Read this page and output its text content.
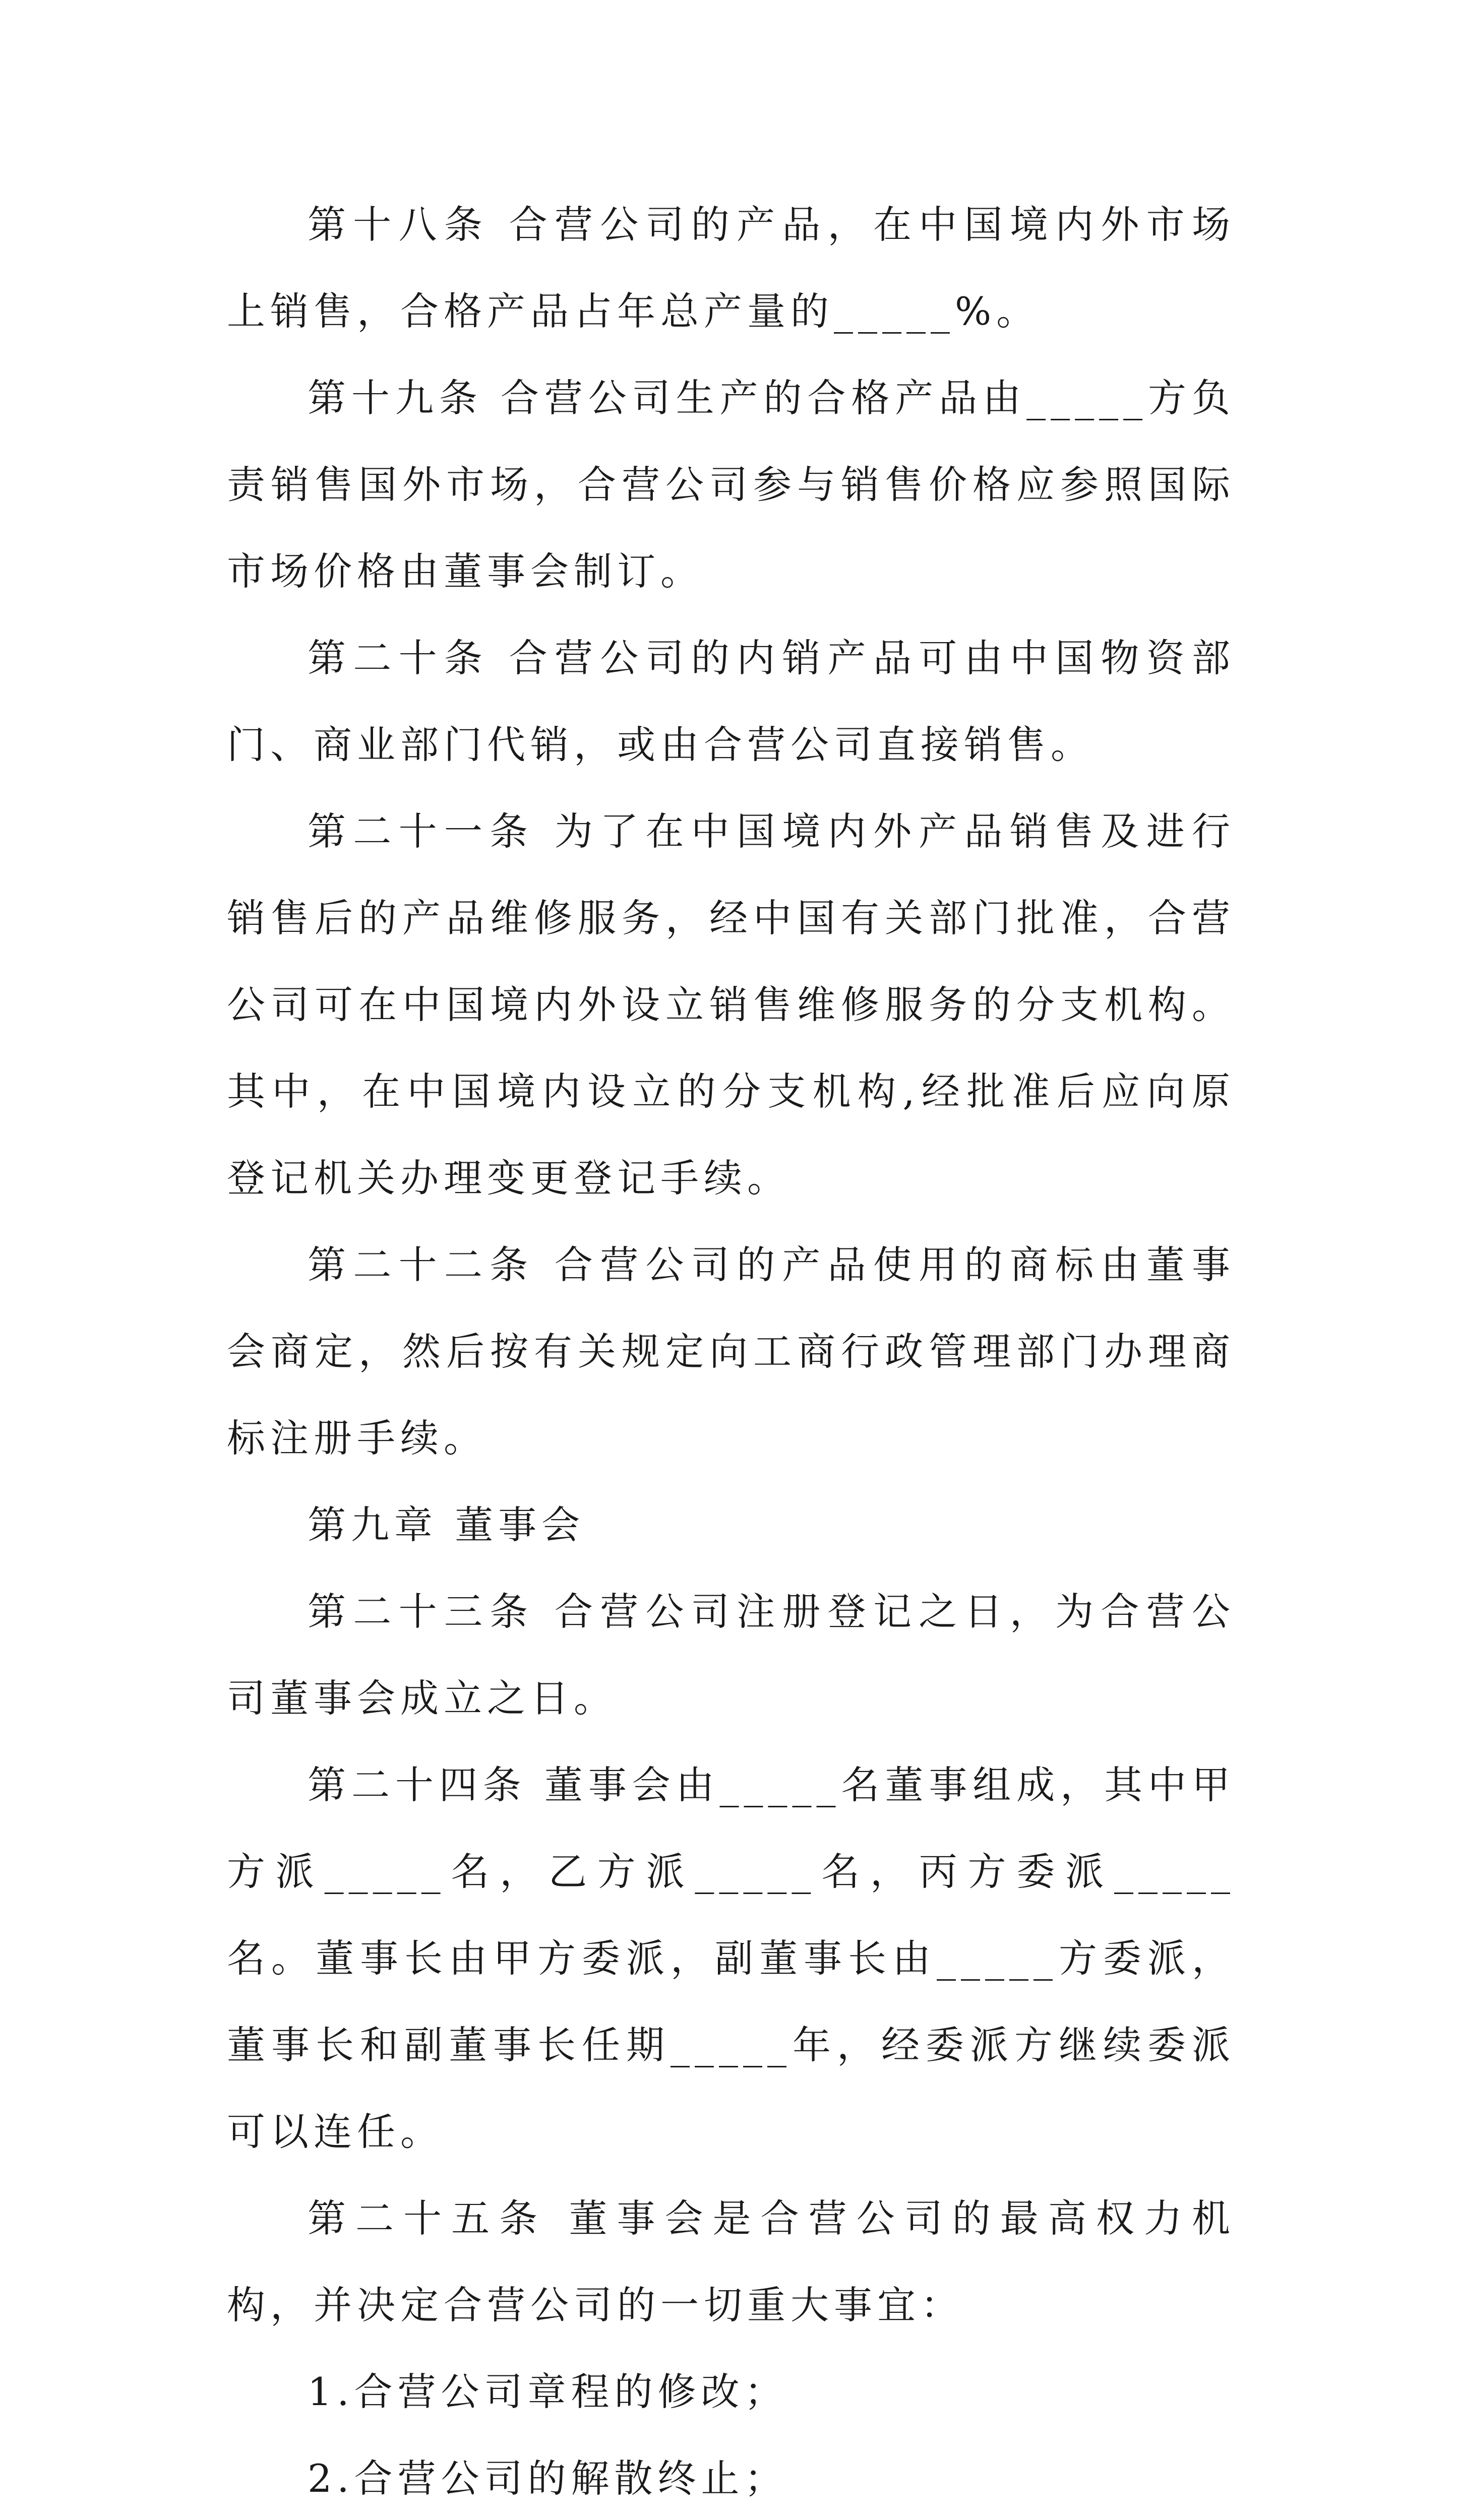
第十八条 合营公司的产品，在中国境内外市场上销售，合格产品占年总产量的_____%。

第十九条 合营公司生产的合格产品由_____方负责销售国外市场，合营公司参与销售价格应参照国际市场价格由董事会制订。

第二十条 合营公司的内销产品可由中国物资部门、商业部门代销，或由合营公司直接销售。

第二十一条 为了在中国境内外产品销售及进行销售后的产品维修服务，经中国有关部门批准，合营公司可在中国境内外设立销售维修服务的分支机构。其中，在中国境内设立的分支机构,经批准后应向原登记机关办理变更登记手续。

第二十二条 合营公司的产品使用的商标由董事会商定，然后按有关规定向工商行政管理部门办理商标注册手续。

第九章 董事会

第二十三条 合营公司注册登记之日，为合营公司董事会成立之日。

第二十四条 董事会由_____名董事组成，其中甲方派_____名，乙方派_____名，丙方委派_____名。董事长由甲方委派，副董事长由_____方委派，董事长和副董事长任期_____年，经委派方继续委派可以连任。

第二十五条 董事会是合营公司的最高权力机构，并决定合营公司的一切重大事宜：

1.合营公司章程的修改；

2.合营公司的解散终止；
